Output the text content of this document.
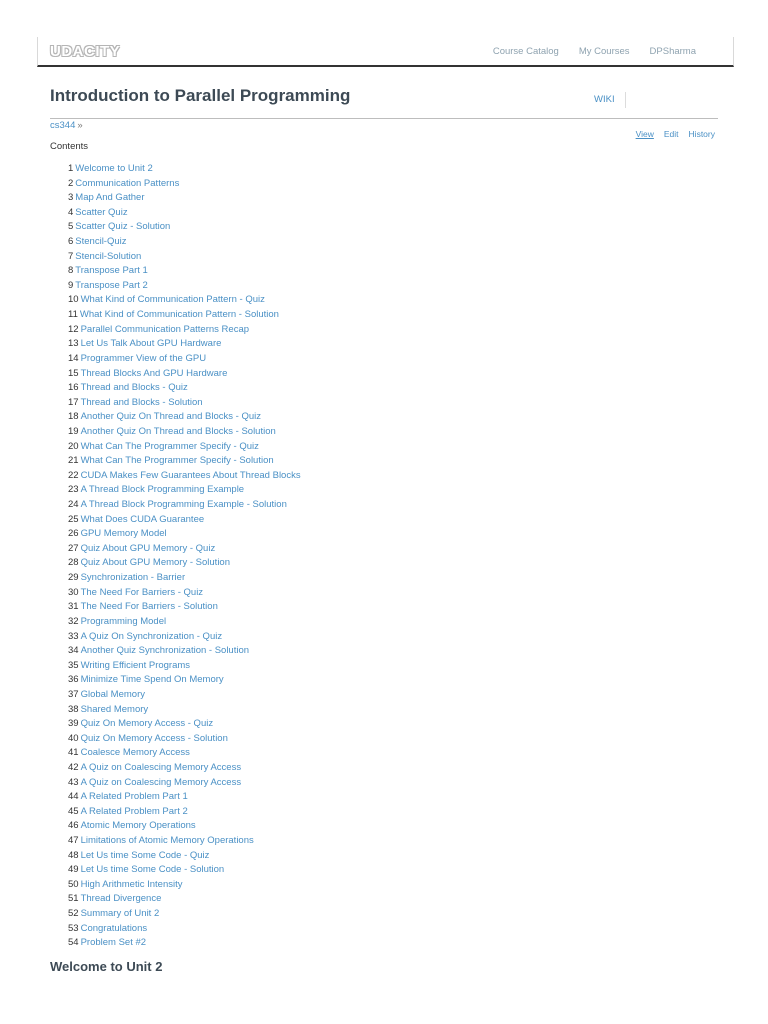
UDACITY	Course Catalog My Courses DPSharma
Introduction to Parallel Programming	WIKI
cs344 »
View Edit History
Contents
1 Welcome to Unit 2
2 Communication Patterns
3 Map And Gather
4 Scatter Quiz
5 Scatter Quiz - Solution
6 Stencil-Quiz
7 Stencil-Solution
8 Transpose Part 1
9 Transpose Part 2
10 What Kind of Communication Pattern - Quiz
11 What Kind of Communication Pattern - Solution
12 Parallel Communication Patterns Recap
13 Let Us Talk About GPU Hardware
14 Programmer View of the GPU
15 Thread Blocks And GPU Hardware
16 Thread and Blocks - Quiz
17 Thread and Blocks - Solution
18 Another Quiz On Thread and Blocks - Quiz
19 Another Quiz On Thread and Blocks - Solution
20 What Can The Programmer Specify - Quiz
21 What Can The Programmer Specify - Solution
22 CUDA Makes Few Guarantees About Thread Blocks
23 A Thread Block Programming Example
24 A Thread Block Programming Example - Solution
25 What Does CUDA Guarantee
26 GPU Memory Model
27 Quiz About GPU Memory - Quiz
28 Quiz About GPU Memory - Solution
29 Synchronization - Barrier
30 The Need For Barriers - Quiz
31 The Need For Barriers - Solution
32 Programming Model
33 A Quiz On Synchronization - Quiz
34 Another Quiz Synchronization - Solution
35 Writing Efficient Programs
36 Minimize Time Spend On Memory
37 Global Memory
38 Shared Memory
39 Quiz On Memory Access - Quiz
40 Quiz On Memory Access - Solution
41 Coalesce Memory Access
42 A Quiz on Coalescing Memory Access
43 A Quiz on Coalescing Memory Access
44 A Related Problem Part 1
45 A Related Problem Part 2
46 Atomic Memory Operations
47 Limitations of Atomic Memory Operations
48 Let Us time Some Code - Quiz
49 Let Us time Some Code - Solution
50 High Arithmetic Intensity
51 Thread Divergence
52 Summary of Unit 2
53 Congratulations
54 Problem Set #2
Welcome to Unit 2
